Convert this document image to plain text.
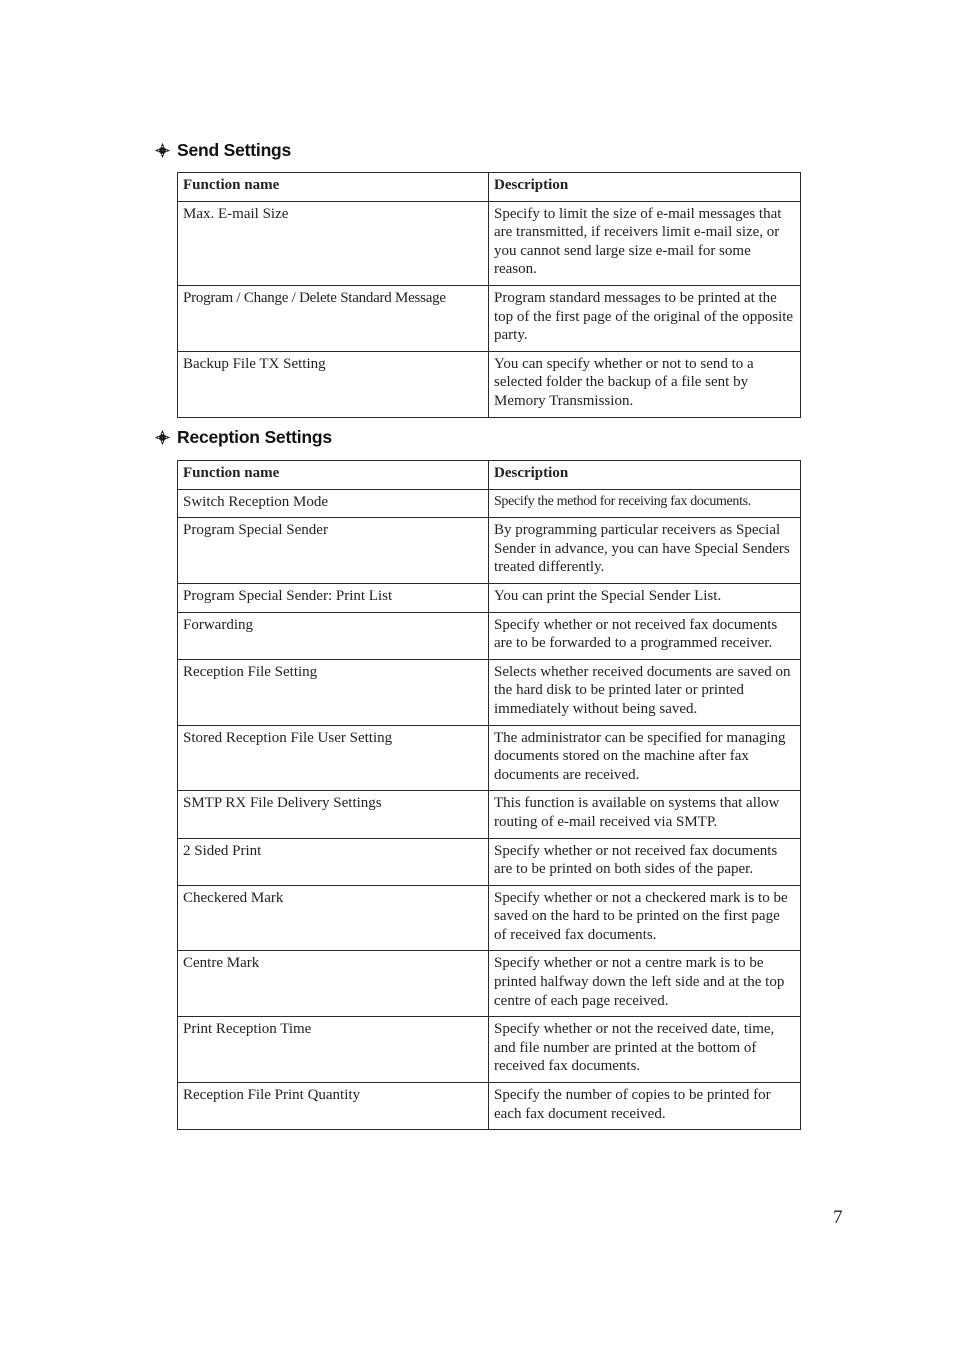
Send Settings
Function name	Description
Max. E-mail Size	Specify to limit the size of e-mail messages that are transmitted, if receivers limit e-mail size, or you cannot send large size e-mail for some reason.
Program / Change / Delete Standard Message	Program standard messages to be printed at the top of the first page of the original of the opposite party.
Backup File TX Setting	You can specify whether or not to send to a selected folder the backup of a file sent by Memory Transmission.
Reception Settings
Function name	Description
Switch Reception Mode	Specify the method for receiving fax documents.
Program Special Sender	By programming particular receivers as Special Sender in advance, you can have Special Senders treated differently.
Program Special Sender: Print List	You can print the Special Sender List.
Forwarding	Specify whether or not received fax documents are to be forwarded to a programmed receiver.
Reception File Setting	Selects whether received documents are saved on the hard disk to be printed later or printed immediately without being saved.
Stored Reception File User Setting	The administrator can be specified for managing documents stored on the machine after fax documents are received.
SMTP RX File Delivery Settings	This function is available on systems that allow routing of e-mail received via SMTP.
2 Sided Print	Specify whether or not received fax documents are to be printed on both sides of the paper.
Checkered Mark	Specify whether or not a checkered mark is to be saved on the hard to be printed on the first page of received fax documents.
Centre Mark	Specify whether or not a centre mark is to be printed halfway down the left side and at the top centre of each page received.
Print Reception Time	Specify whether or not the received date, time, and file number are printed at the bottom of received fax documents.
Reception File Print Quantity	Specify the number of copies to be printed for each fax document received.
7
